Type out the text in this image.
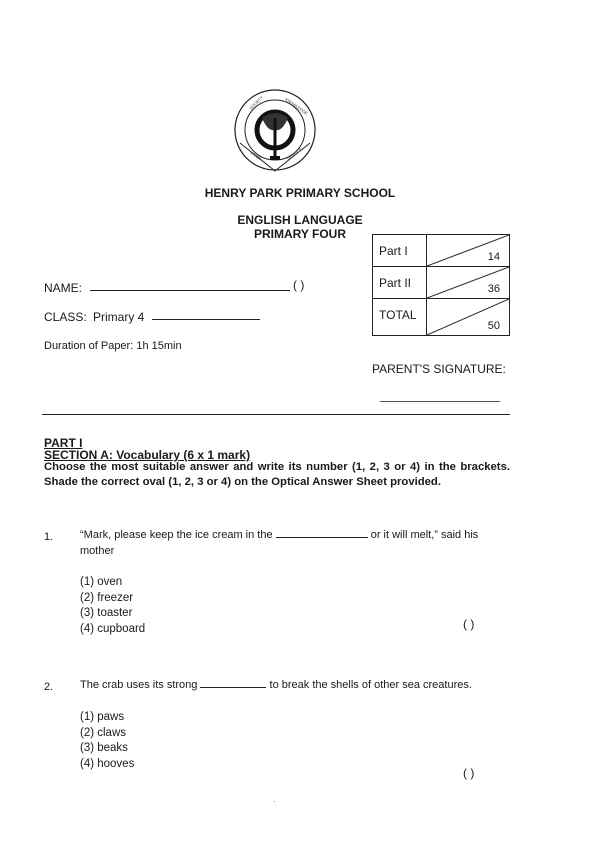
SOCIETY	KNOWLEDGE
PRIDE	SERVICE
HENRY PARK PRIMARY SCHOOL
ENGLISH LANGUAGE
PRIMARY FOUR
NAME:	( )
CLASS: Primary 4
Duration of Paper: 1h 15min
Part I	14

Part II	36

TOTAL	50
PARENT'S SIGNATURE:
PART I
SECTION A: Vocabulary (6 x 1 mark)
Choose the most suitable answer and write its number (1, 2, 3 or 4) in the brackets. Shade the correct oval (1, 2, 3 or 4) on the Optical Answer Sheet provided.
1. “Mark, please keep the ice cream in the	or it will melt,” said his
mother
(1) oven
(2) freezer
(3) toaster
(4) cupboard	( )
2. The crab uses its strong	to break the shells of other sea creatures.
(1) paws
(2) claws
(3) beaks
(4) hooves
( )
·
